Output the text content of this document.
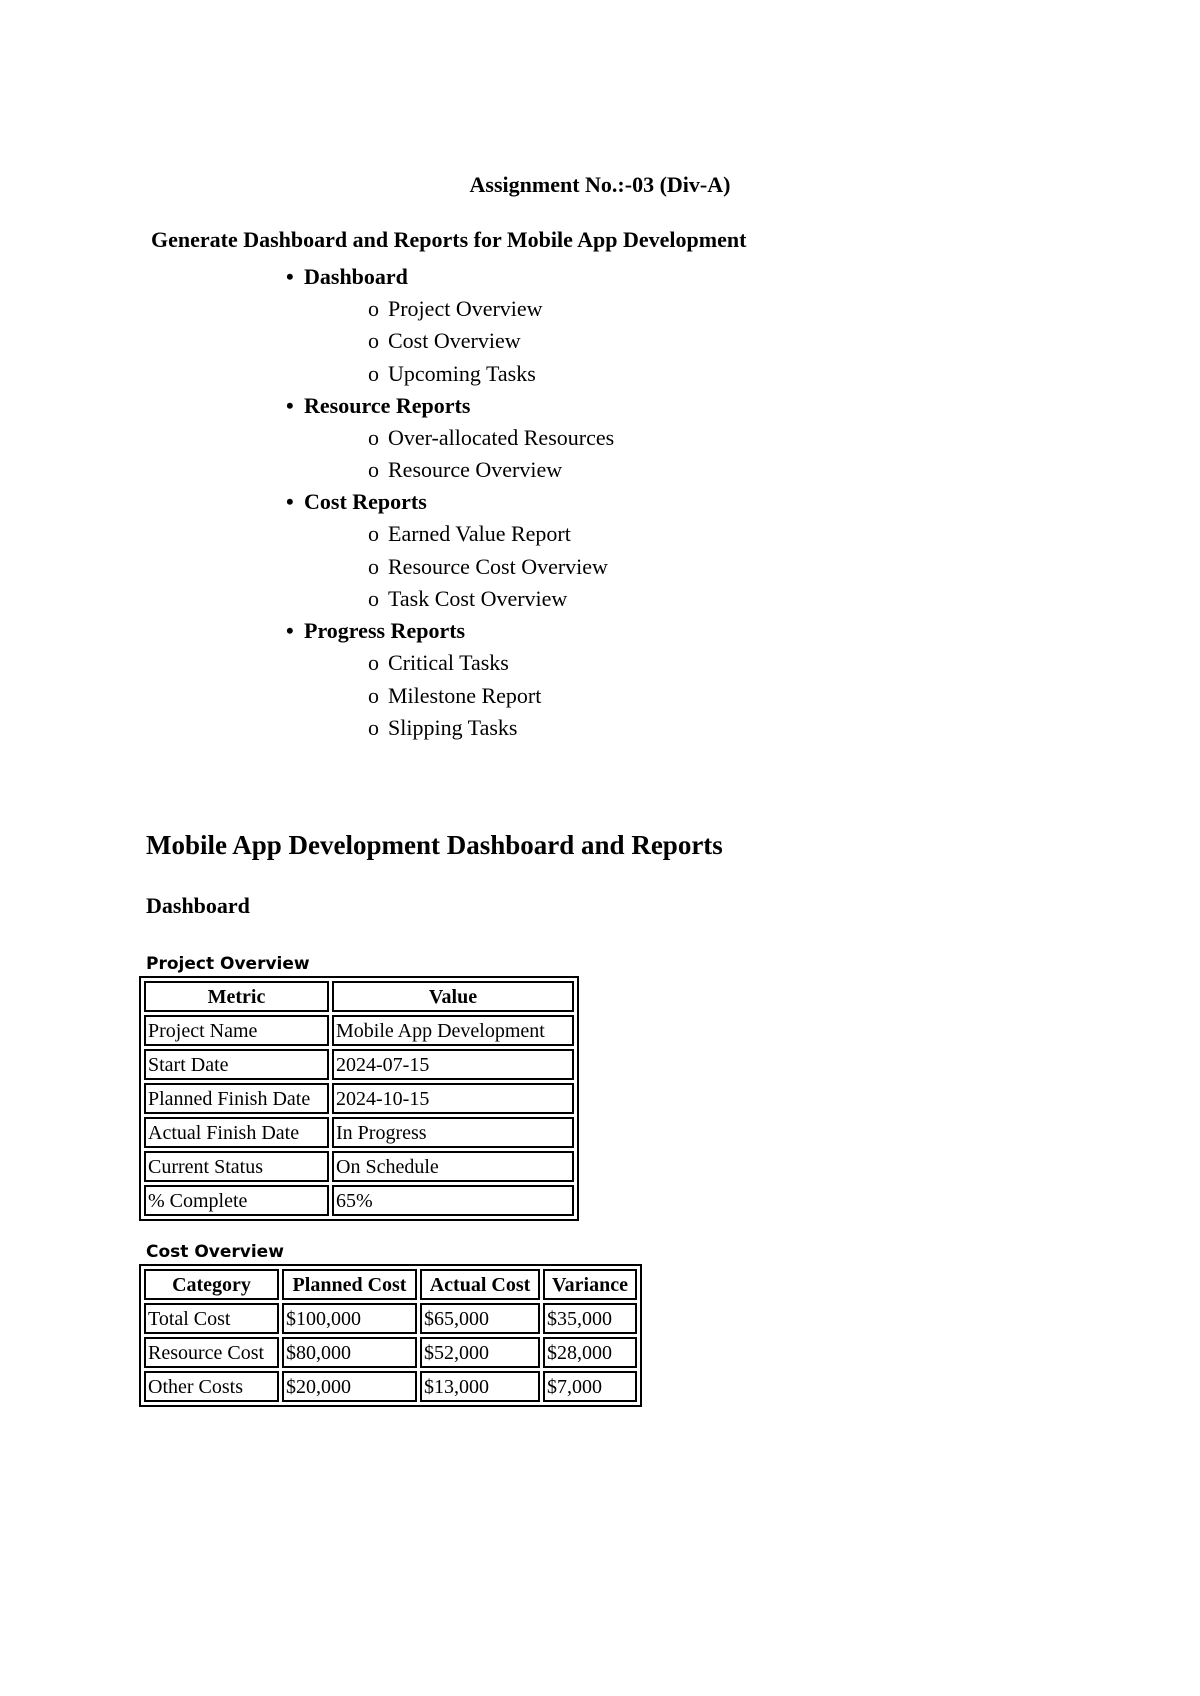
Assignment No.:-03 (Div-A)
Generate Dashboard and Reports for Mobile App Development
• Dashboard
o Project Overview
o Cost Overview
o Upcoming Tasks
• Resource Reports
o Over-allocated Resources
o Resource Overview
• Cost Reports
o Earned Value Report
o Resource Cost Overview
o Task Cost Overview
• Progress Reports
o Critical Tasks
o Milestone Report
o Slipping Tasks
Mobile App Development Dashboard and Reports
Dashboard
Project Overview
Metric	Value
Project Name	Mobile App Development
Start Date	2024-07-15
Planned Finish Date	2024-10-15
Actual Finish Date	In Progress
Current Status	On Schedule
% Complete	65%
Cost Overview
Category	Planned Cost	Actual Cost	Variance
Total Cost	$100,000	$65,000	$35,000
Resource Cost	$80,000	$52,000	$28,000
Other Costs	$20,000	$13,000	$7,000
